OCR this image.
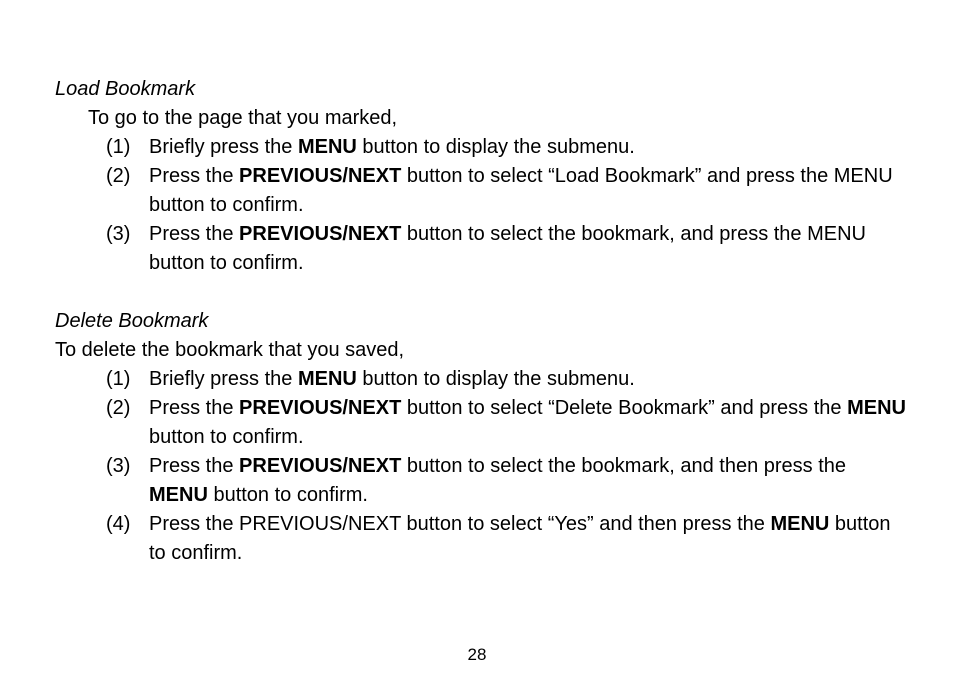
Load Bookmark
To go to the page that you marked,
(1) Briefly press the MENU button to display the submenu.
(2) Press the PREVIOUS/NEXT button to select “Load Bookmark” and press the MENU button to confirm.
(3) Press the PREVIOUS/NEXT button to select the bookmark, and press the MENU button to confirm.
Delete Bookmark
To delete the bookmark that you saved,
(1) Briefly press the MENU button to display the submenu.
(2) Press the PREVIOUS/NEXT button to select “Delete Bookmark” and press the MENU button to confirm.
(3) Press the PREVIOUS/NEXT button to select the bookmark, and then press the MENU button to confirm.
(4) Press the PREVIOUS/NEXT button to select “Yes” and then press the MENU button to confirm.
28
